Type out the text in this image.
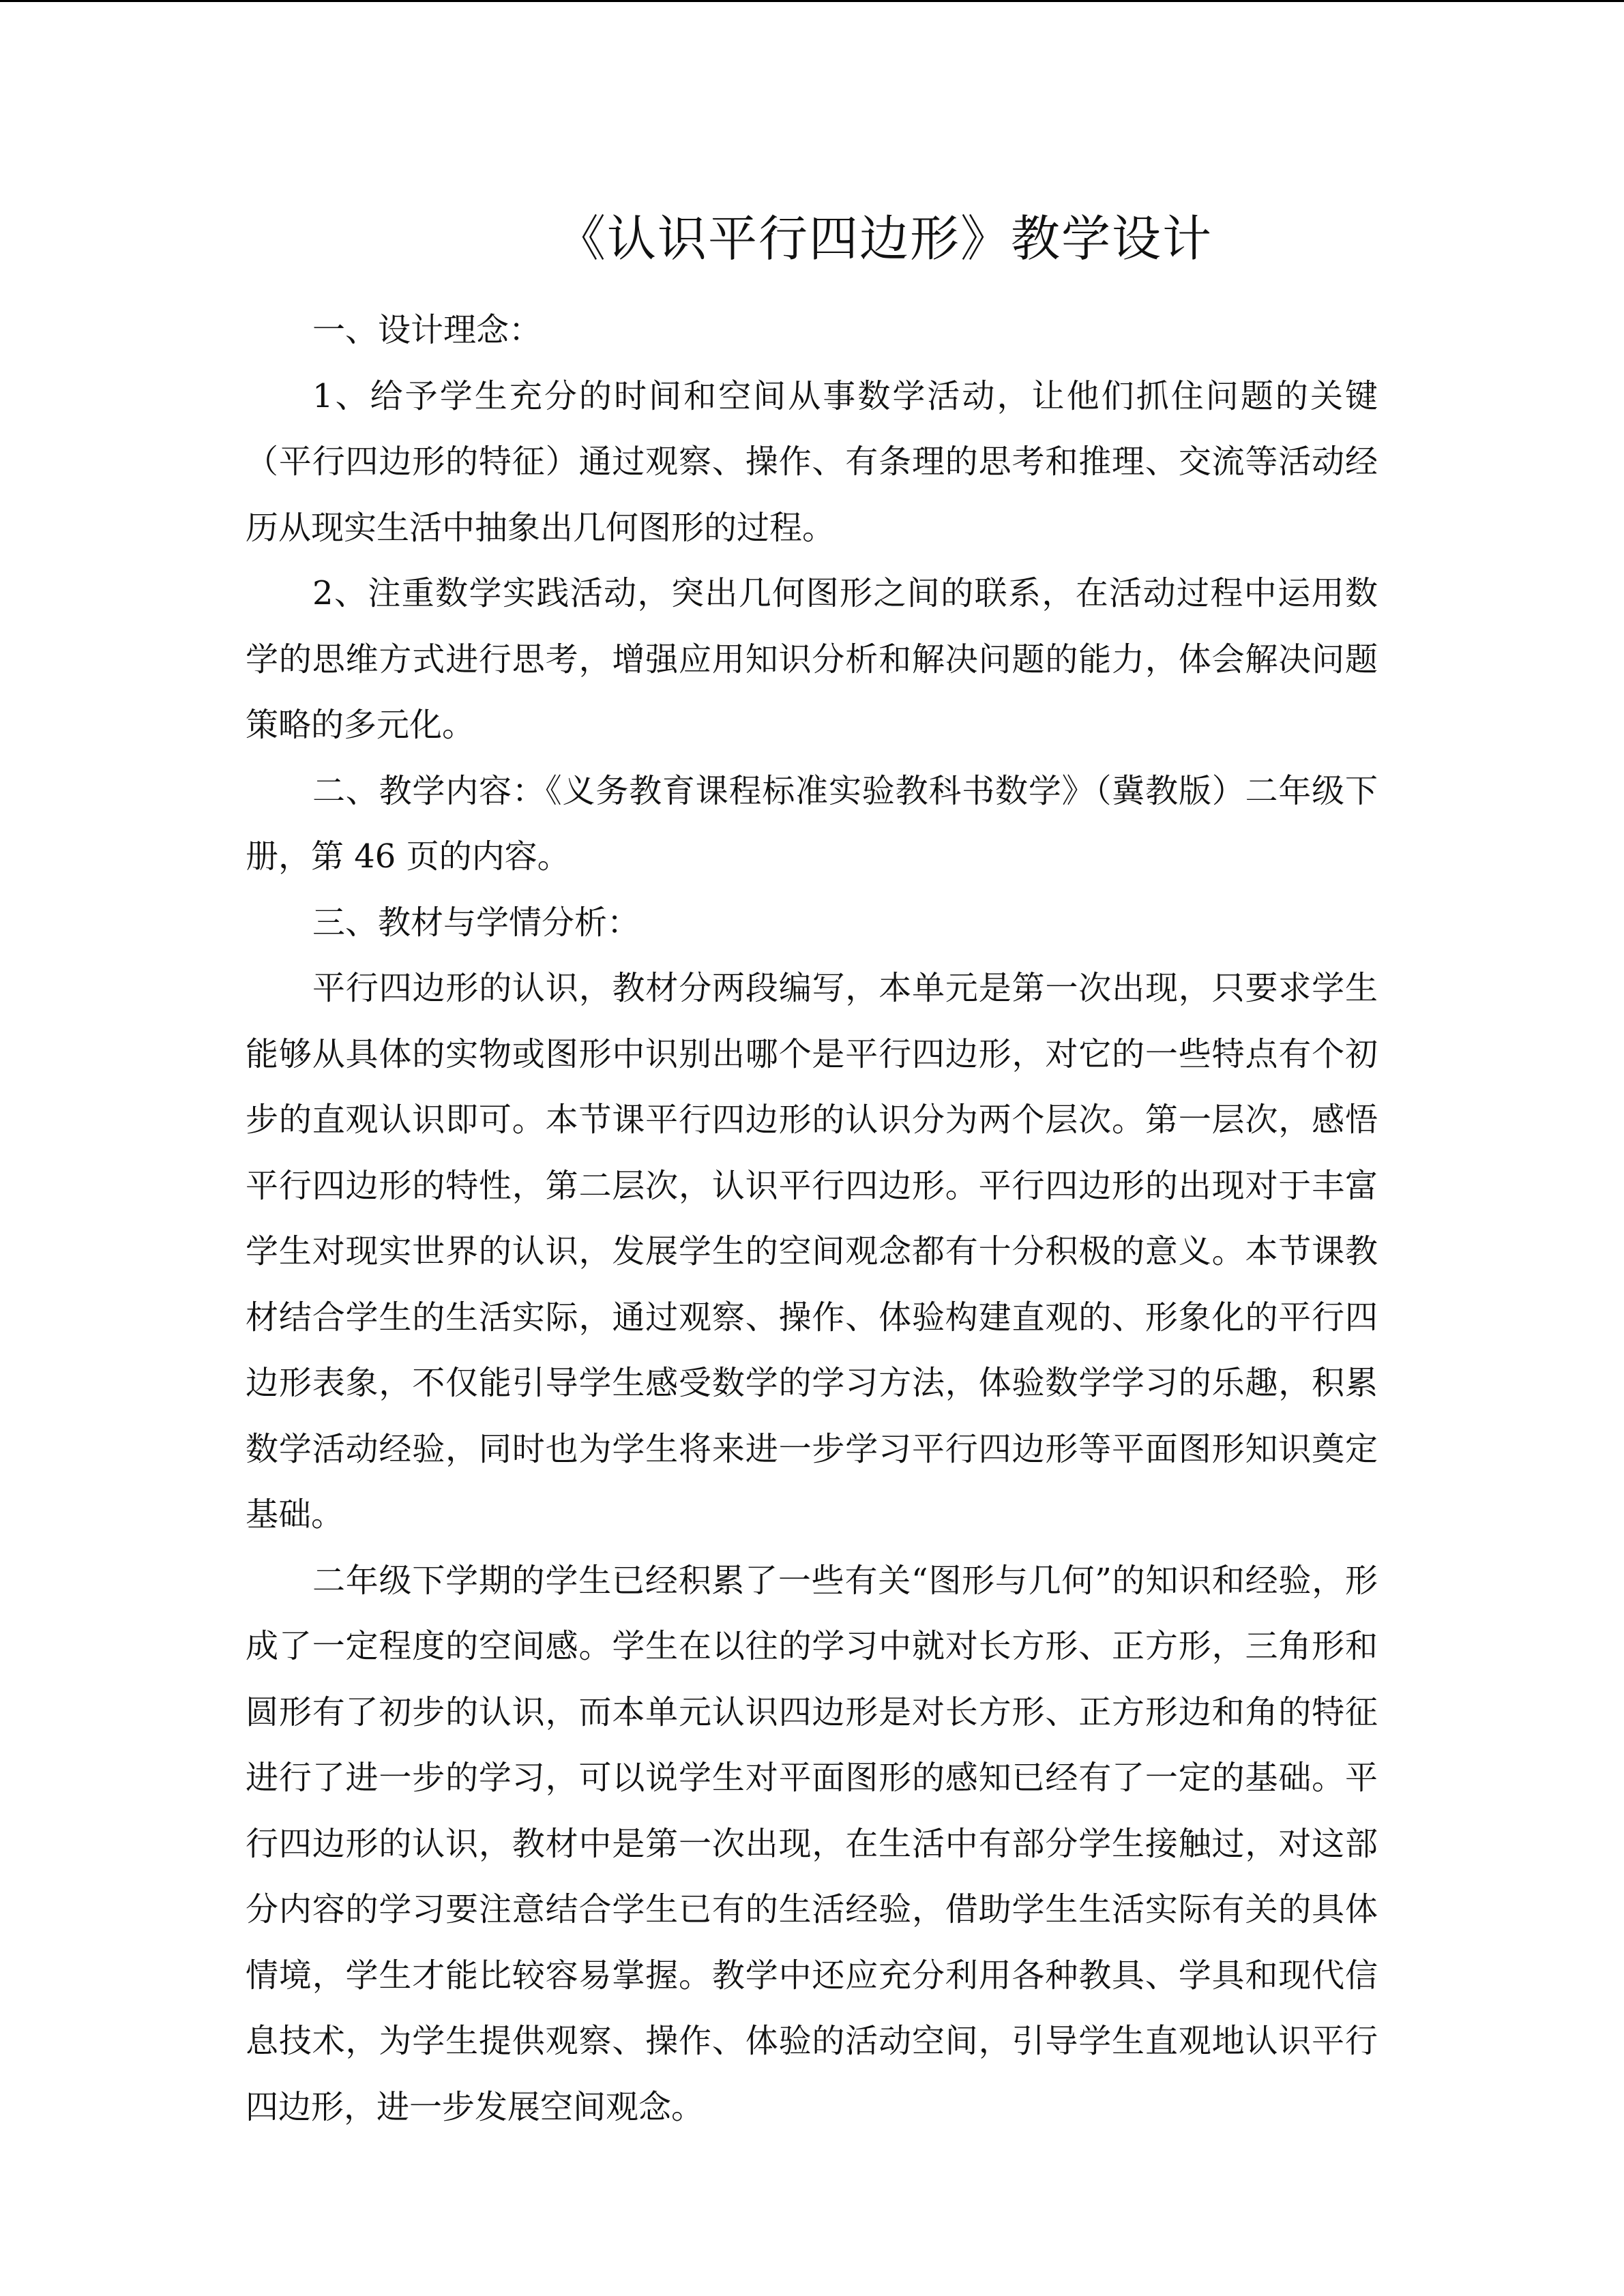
《认识平行四边形》教学设计

一、设计理念：

1、给予学生充分的时间和空间从事数学活动，让他们抓住问题的关键（平行四边形的特征）通过观察、操作、有条理的思考和推理、交流等活动经历从现实生活中抽象出几何图形的过程。

2、注重数学实践活动，突出几何图形之间的联系，在活动过程中运用数学的思维方式进行思考，增强应用知识分析和解决问题的能力，体会解决问题策略的多元化。

二、教学内容：《义务教育课程标准实验教科书数学》（冀教版）二年级下册，第 46 页的内容。

三、教材与学情分析：

平行四边形的认识，教材分两段编写，本单元是第一次出现，只要求学生能够从具体的实物或图形中识别出哪个是平行四边形，对它的一些特点有个初步的直观认识即可。本节课平行四边形的认识分为两个层次。第一层次，感悟平行四边形的特性，第二层次，认识平行四边形。平行四边形的出现对于丰富学生对现实世界的认识，发展学生的空间观念都有十分积极的意义。本节课教材结合学生的生活实际，通过观察、操作、体验构建直观的、形象化的平行四边形表象，不仅能引导学生感受数学的学习方法，体验数学学习的乐趣，积累数学活动经验，同时也为学生将来进一步学习平行四边形等平面图形知识奠定基础。

二年级下学期的学生已经积累了一些有关“图形与几何”的知识和经验，形成了一定程度的空间感。学生在以往的学习中就对长方形、正方形，三角形和圆形有了初步的认识，而本单元认识四边形是对长方形、正方形边和角的特征进行了进一步的学习，可以说学生对平面图形的感知已经有了一定的基础。平行四边形的认识，教材中是第一次出现，在生活中有部分学生接触过，对这部分内容的学习要注意结合学生已有的生活经验，借助学生生活实际有关的具体情境，学生才能比较容易掌握。教学中还应充分利用各种教具、学具和现代信息技术，为学生提供观察、操作、体验的活动空间，引导学生直观地认识平行四边形，进一步发展空间观念。
